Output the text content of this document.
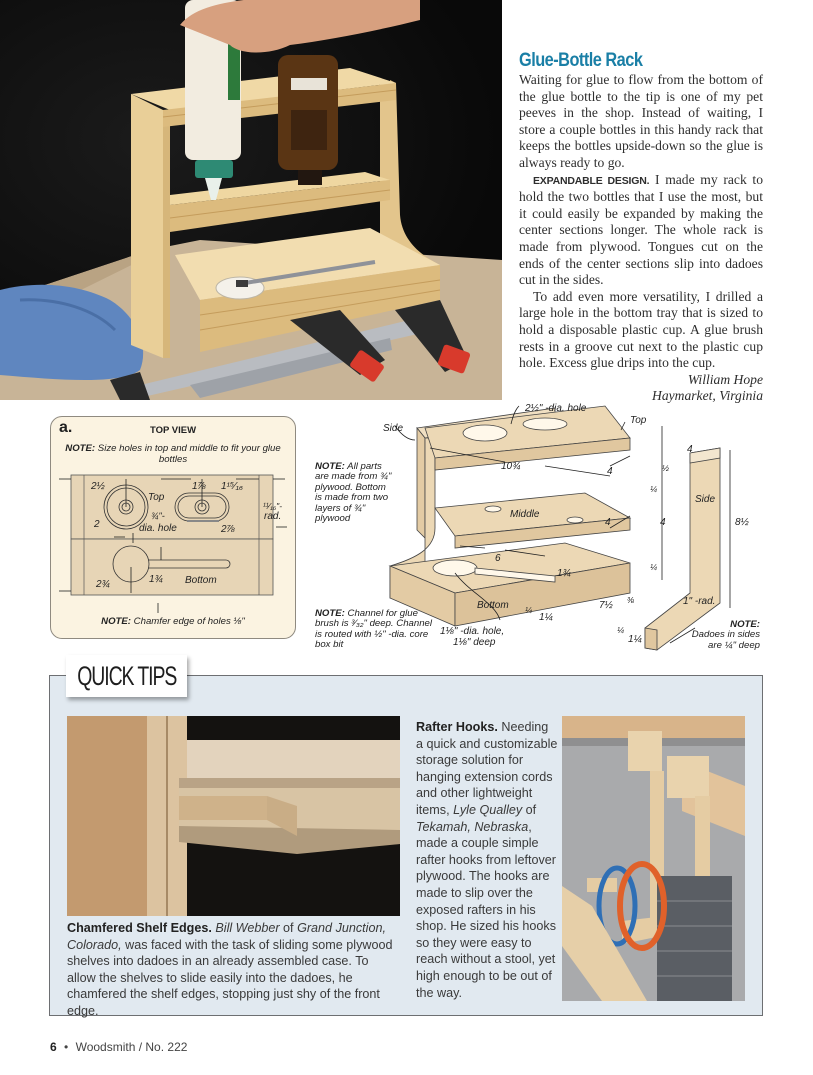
Glue-Bottle Rack

Waiting for glue to flow from the bottom of the glue bottle to the tip is one of my pet peeves in the shop. Instead of waiting, I store a couple bottles in this handy rack that keeps the bottles upside-down so the glue is always ready to go.

EXPANDABLE DESIGN. I made my rack to hold the two bottles that I use the most, but it could easily be expanded by making the center sections longer. The whole rack is made from plywood. Tongues cut on the ends of the center sections slip into dadoes cut in the sides.

To add even more versatility, I drilled a large hole in the bottom tray that is sized to hold a disposable plastic cup. A glue brush rests in a groove cut next to the plastic cup hole. Excess glue drips into the cup.

William Hope
Haymarket, Virginia
a.	TOP VIEW
NOTE: Size holes in top and middle to fit your glue bottles
2½
2
Top
1⅞ 1¹⁵⁄₁₆
¹¹⁄₁₆"-
rad.
¾"-
dia. hole	2⅞
2¾	1¾ Bottom
NOTE: Chamfer edge of holes ⅛"
Side
2½" -dia. hole
Top
10¾	4
Middle
4
6
1¾
Bottom ¼
1¼
7½
1⅛" -dia. hole,
1⅛" deep
4
½
¼
4
¼
Side
8½
1" -rad.
⅜
¼
1¼
NOTE: All parts are made from ¾" plywood. Bottom is made from two layers of ¾" plywood
NOTE: Channel for glue brush is ³⁄₃₂" deep. Channel is routed with ½" -dia. core box bit
NOTE:
Dadoes in sides are ¼" deep
QUICK TIPS
Chamfered Shelf Edges. Bill Webber of Grand Junction, Colorado, was faced with the task of sliding some plywood shelves into dadoes in an already assembled case. To allow the shelves to slide easily into the dadoes, he chamfered the shelf edges, stopping just shy of the front edge.
Rafter Hooks. Needing a quick and customizable storage solution for hanging extension cords and other lightweight items, Lyle Qualley of Tekamah, Nebraska, made a couple simple rafter hooks from leftover plywood. The hooks are made to slip over the exposed rafters in his shop. He sized his hooks so they were easy to reach without a stool, yet high enough to be out of the way.
6 • Woodsmith / No. 222
